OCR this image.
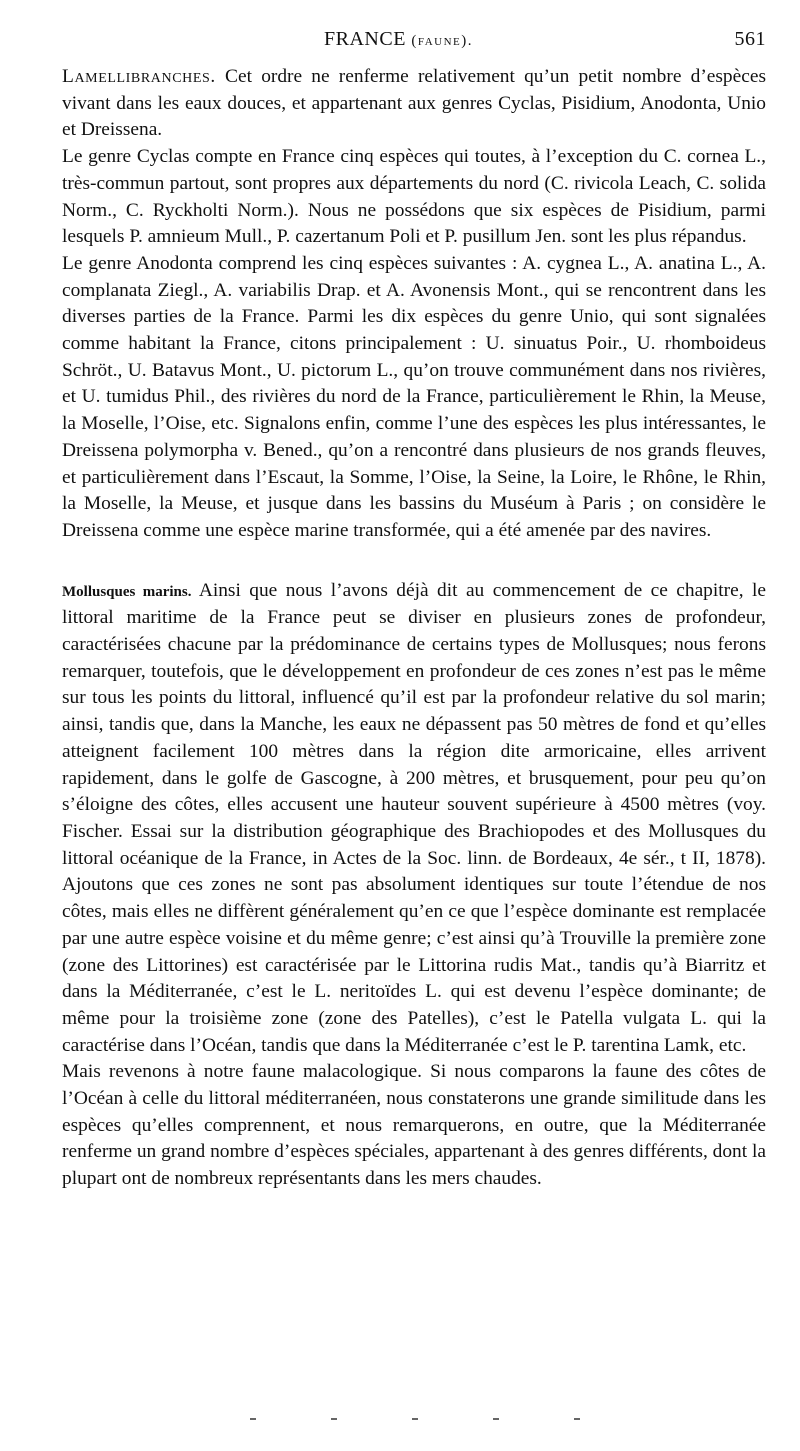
FRANCE (faune).	561

Lamellibranches. Cet ordre ne renferme relativement qu’un petit nombre d’espèces vivant dans les eaux douces, et appartenant aux genres Cyclas, Pisidium, Anodonta, Unio et Dreissena.

Le genre Cyclas compte en France cinq espèces qui toutes, à l’exception du C. cornea L., très-commun partout, sont propres aux départements du nord (C. rivicola Leach, C. solida Norm., C. Ryckholti Norm.). Nous ne possédons que six espèces de Pisidium, parmi lesquels P. amnieum Mull., P. cazertanum Poli et P. pusillum Jen. sont les plus répandus.

Le genre Anodonta comprend les cinq espèces suivantes : A. cygnea L., A. anatina L., A. complanata Ziegl., A. variabilis Drap. et A. Avonensis Mont., qui se rencontrent dans les diverses parties de la France. Parmi les dix espèces du genre Unio, qui sont signalées comme habitant la France, citons principalement : U. sinuatus Poir., U. rhomboideus Schröt., U. Batavus Mont., U. pictorum L., qu’on trouve communément dans nos rivières, et U. tumidus Phil., des rivières du nord de la France, particulièrement le Rhin, la Meuse, la Moselle, l’Oise, etc. Signalons enfin, comme l’une des espèces les plus intéressantes, le Dreissena polymorpha v. Bened., qu’on a rencontré dans plusieurs de nos grands fleuves, et particulièrement dans l’Escaut, la Somme, l’Oise, la Seine, la Loire, le Rhône, le Rhin, la Moselle, la Meuse, et jusque dans les bassins du Muséum à Paris ; on considère le Dreissena comme une espèce marine transformée, qui a été amenée par des navires.

Mollusques marins. Ainsi que nous l’avons déjà dit au commencement de ce chapitre, le littoral maritime de la France peut se diviser en plusieurs zones de profondeur, caractérisées chacune par la prédominance de certains types de Mollusques; nous ferons remarquer, toutefois, que le développement en profondeur de ces zones n’est pas le même sur tous les points du littoral, influencé qu’il est par la profondeur relative du sol marin; ainsi, tandis que, dans la Manche, les eaux ne dépassent pas 50 mètres de fond et qu’elles atteignent facilement 100 mètres dans la région dite armoricaine, elles arrivent rapidement, dans le golfe de Gascogne, à 200 mètres, et brusquement, pour peu qu’on s’éloigne des côtes, elles accusent une hauteur souvent supérieure à 4500 mètres (voy. Fischer. Essai sur la distribution géographique des Brachiopodes et des Mollusques du littoral océanique de la France, in Actes de la Soc. linn. de Bordeaux, 4e sér., t II, 1878). Ajoutons que ces zones ne sont pas absolument identiques sur toute l’étendue de nos côtes, mais elles ne diffèrent généralement qu’en ce que l’espèce dominante est remplacée par une autre espèce voisine et du même genre; c’est ainsi qu’à Trouville la première zone (zone des Littorines) est caractérisée par le Littorina rudis Mat., tandis qu’à Biarritz et dans la Méditerranée, c’est le L. neritoïdes L. qui est devenu l’espèce dominante; de même pour la troisième zone (zone des Patelles), c’est le Patella vulgata L. qui la caractérise dans l’Océan, tandis que dans la Méditerranée c’est le P. tarentina Lamk, etc.

Mais revenons à notre faune malacologique. Si nous comparons la faune des côtes de l’Océan à celle du littoral méditerranéen, nous constaterons une grande similitude dans les espèces qu’elles comprennent, et nous remarquerons, en outre, que la Méditerranée renferme un grand nombre d’espèces spéciales, appartenant à des genres différents, dont la plupart ont de nombreux représentants dans les mers chaudes.
